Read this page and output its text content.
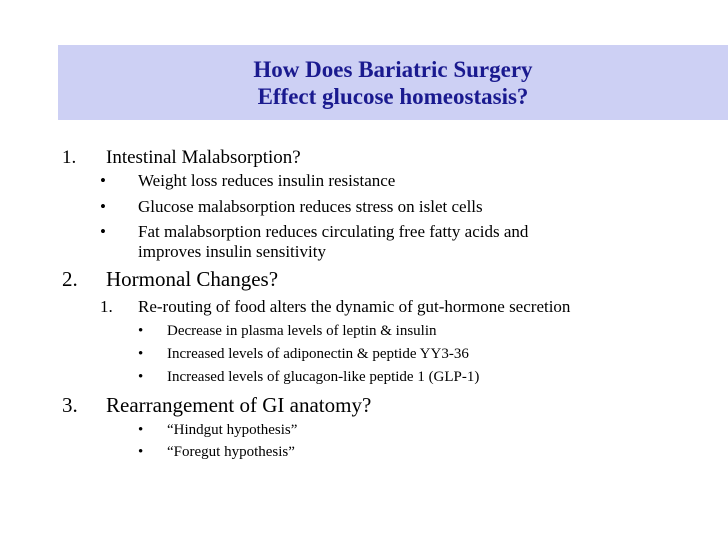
How Does Bariatric Surgery
Effect glucose homeostasis?
1. Intestinal Malabsorption?
• Weight loss reduces insulin resistance
• Glucose malabsorption reduces stress on islet cells
• Fat malabsorption reduces circulating free fatty acids and
improves insulin sensitivity
2. Hormonal Changes?
1. Re-routing of food alters the dynamic of gut-hormone secretion
• Decrease in plasma levels of leptin & insulin
• Increased levels of adiponectin & peptide YY3-36
• Increased levels of glucagon-like peptide 1 (GLP-1)
3. Rearrangement of GI anatomy?
• “Hindgut hypothesis”
• “Foregut hypothesis”
